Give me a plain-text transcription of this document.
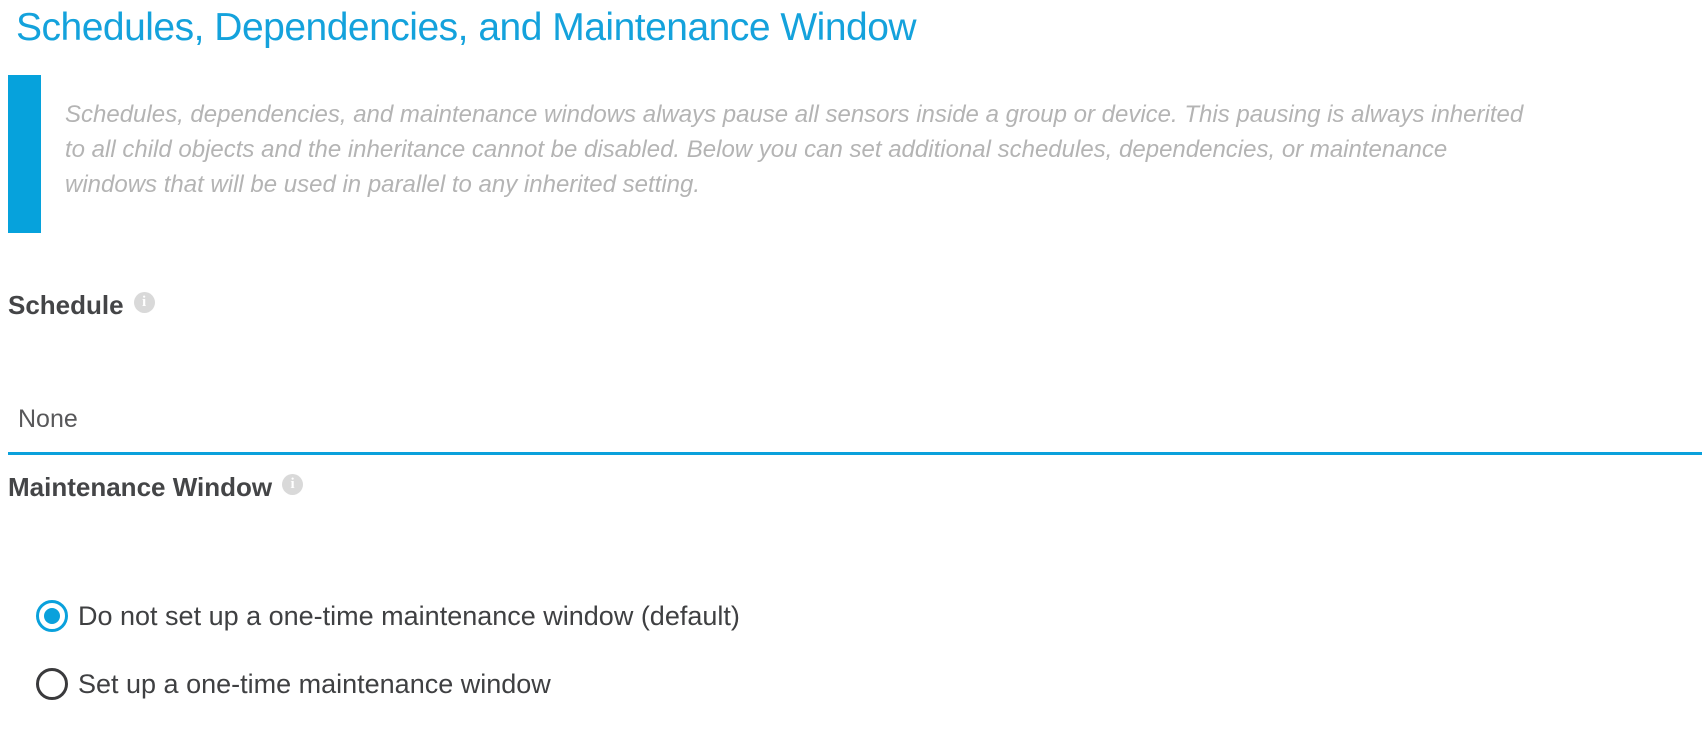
Schedules, Dependencies, and Maintenance Window
Schedules, dependencies, and maintenance windows always pause all sensors inside a group or device. This pausing is always inherited to all child objects and the inheritance cannot be disabled. Below you can set additional schedules, dependencies, or maintenance windows that will be used in parallel to any inherited setting.
Schedule	i
None
Maintenance Window	i
Do not set up a one-time maintenance window (default)
Set up a one-time maintenance window
